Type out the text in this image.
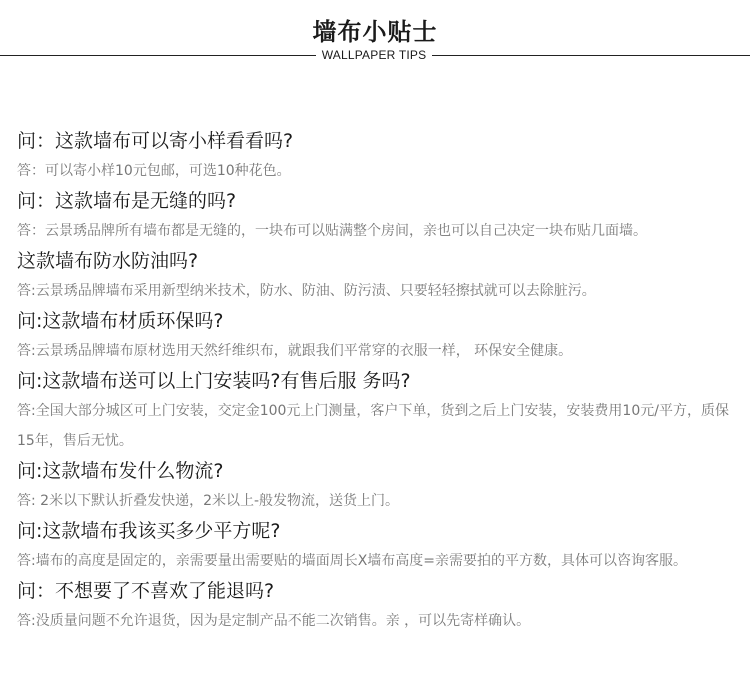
墙布小贴士
WALLPAPER TIPS
问：这款墙布可以寄小样看看吗?
答：可以寄小样10元包邮，可选10种花色。
问：这款墙布是无缝的吗?
答：云景琇品牌所有墙布都是无缝的，一块布可以贴满整个房间，亲也可以自己决定一块布贴几面墙。
这款墙布防水防油吗?
答:云景琇品牌墙布采用新型纳米技术，防水、防油、防污渍、只要轻轻擦拭就可以去除脏污。
问:这款墙布材质环保吗?
答:云景琇品牌墙布原材选用天然纤维织布，就跟我们平常穿的衣服一样， 环保安全健康。
问:这款墙布送可以上门安装吗?有售后服 务吗?
答:全国大部分城区可上门安装，交定金100元上门测量，客户下单，货到之后上门安装，安装费用10元/平方，质保15年，售后无忧。
问:这款墙布发什么物流?
答: 2米以下默认折叠发快递，2米以上-般发物流，送货上门。
问:这款墙布我该买多少平方呢?
答:墙布的高度是固定的，亲需要量出需要贴的墙面周长X墙布高度=亲需要拍的平方数，具体可以咨询客服。
问：不想要了不喜欢了能退吗?
答:没质量问题不允许退货，因为是定制产品不能二次销售。亲 ，可以先寄样确认。
